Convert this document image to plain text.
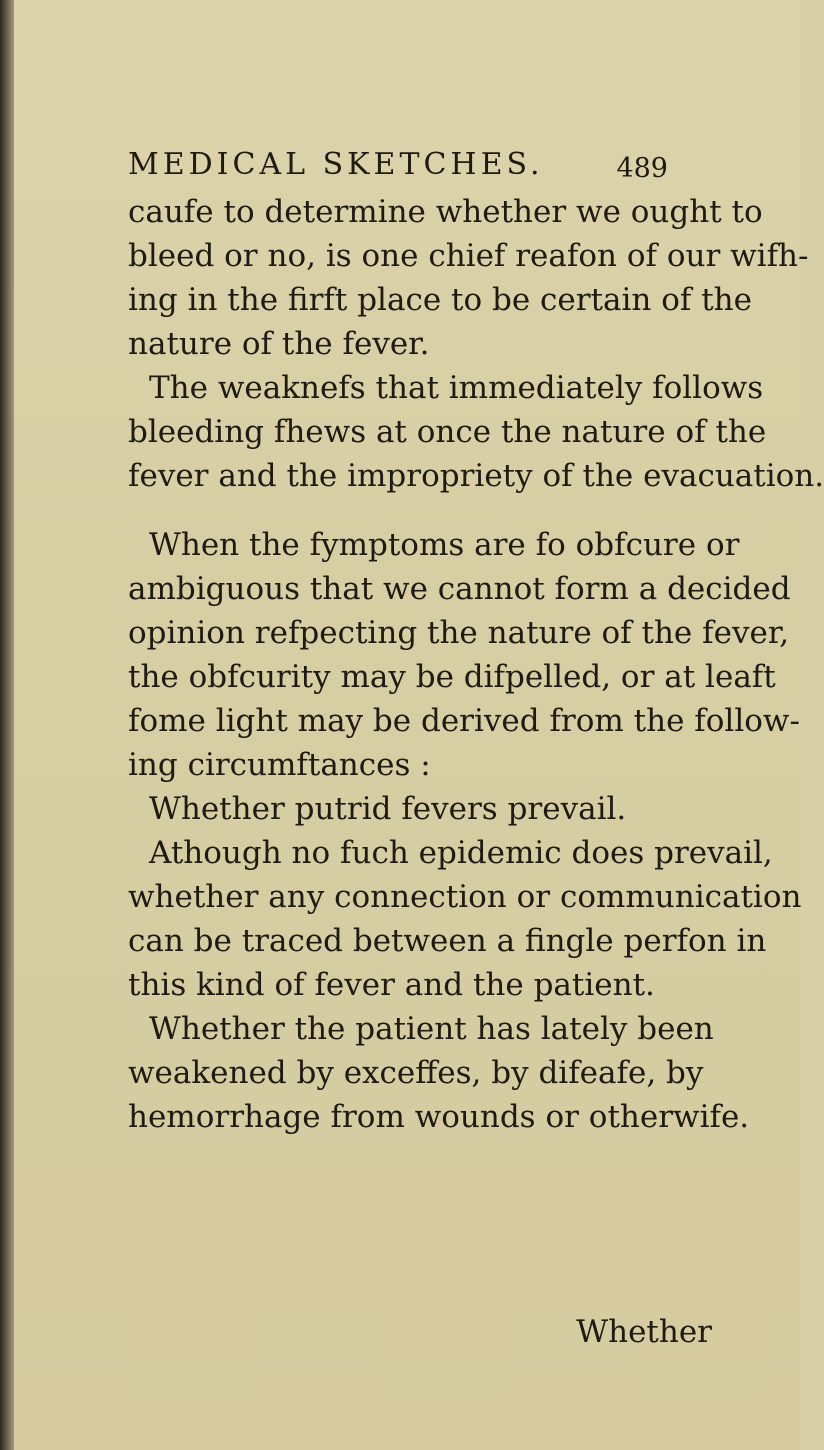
MEDICAL SKETCHES.	489
caufe to determine whether we ought to
bleed or no, is one chief reafon of our wifh-
ing in the firft place to be certain of the
nature of the fever.
The weaknefs that immediately follows
bleeding fhews at once the nature of the
fever and the impropriety of the evacuation.
When the fymptoms are fo obfcure or
ambiguous that we cannot form a decided
opinion refpecting the nature of the fever,
the obfcurity may be difpelled, or at leaft
fome light may be derived from the follow-
ing circumftances :
Whether putrid fevers prevail.
Athough no fuch epidemic does prevail,
whether any connection or communication
can be traced between a fingle perfon in
this kind of fever and the patient.
Whether the patient has lately been
weakened by exceffes, by difeafe, by
hemorrhage from wounds or otherwife.
Whether
